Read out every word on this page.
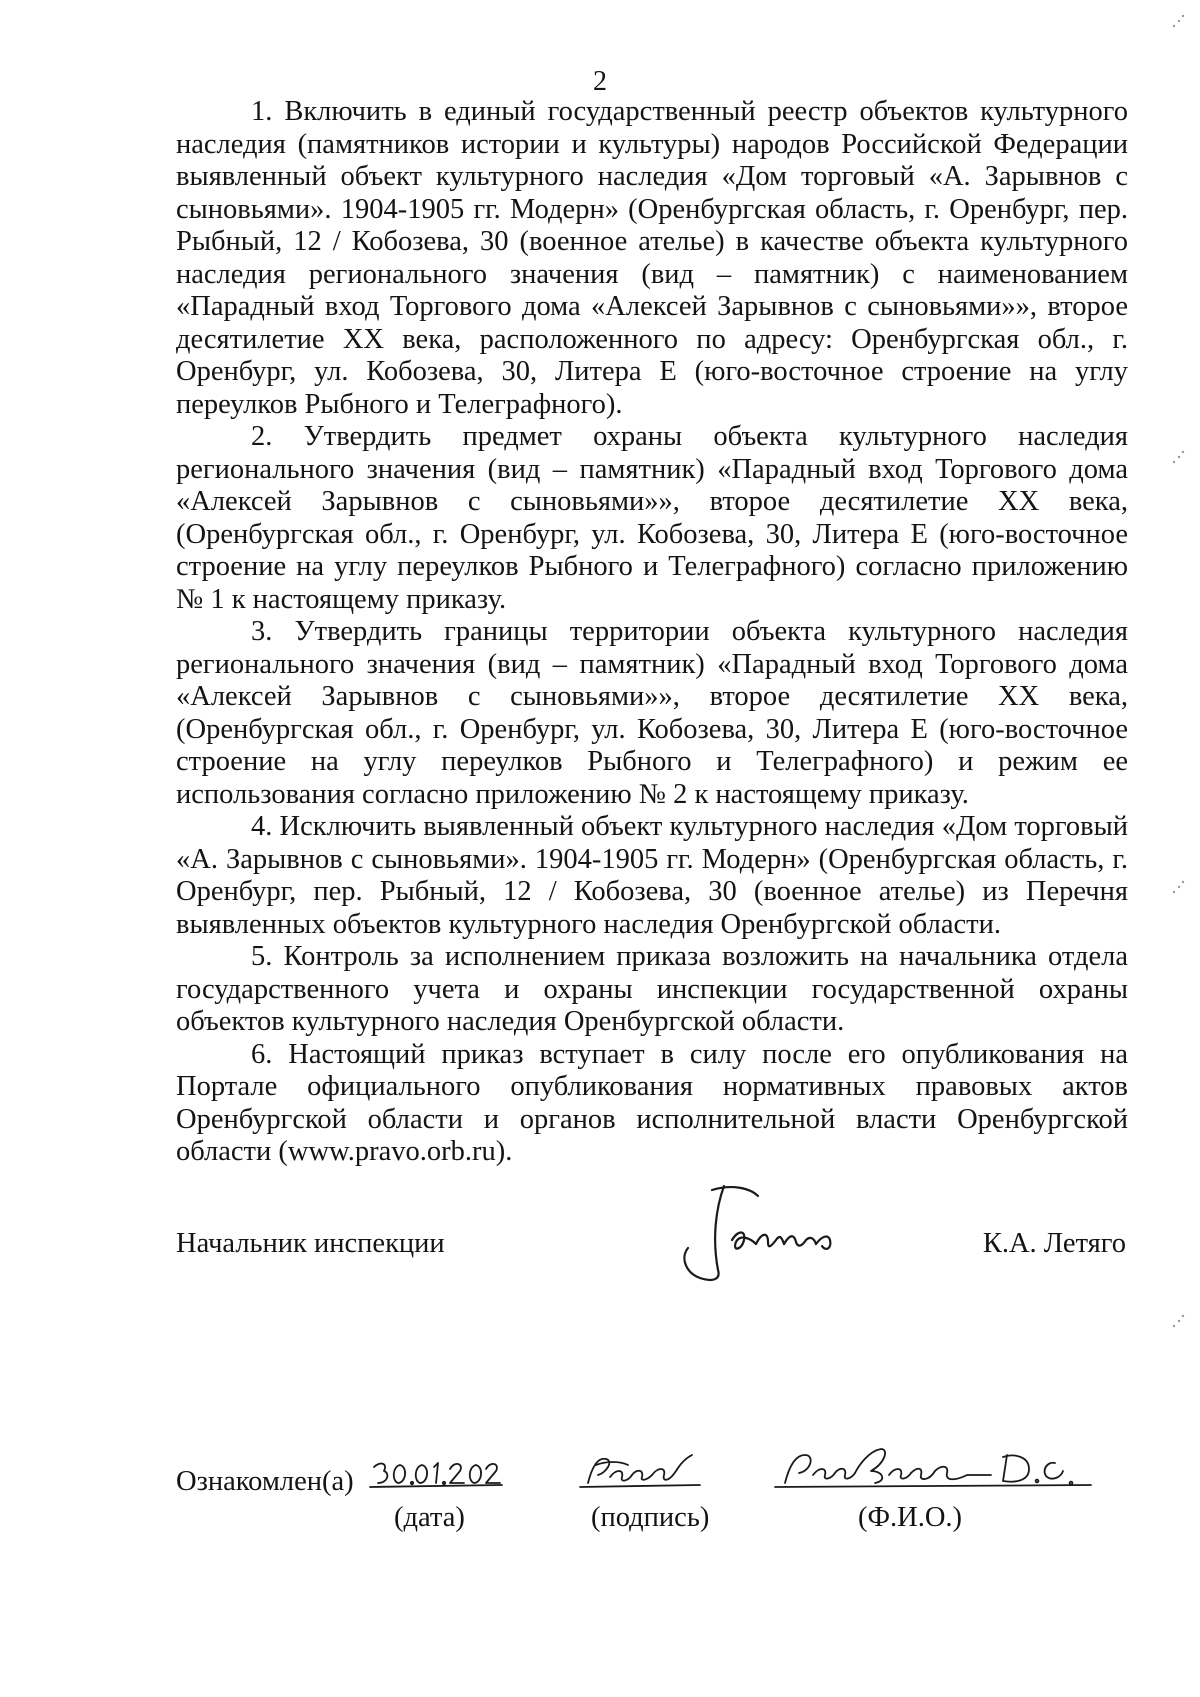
2

1. Включить в единый государственный реестр объектов культурного наследия (памятников истории и культуры) народов Российской Федерации выявленный объект культурного наследия «Дом торговый «А. Зарывнов с сыновьями». 1904-1905 гг. Модерн» (Оренбургская область, г. Оренбург, пер. Рыбный, 12 / Кобозева, 30 (военное ателье) в качестве объекта культурного наследия регионального значения (вид – памятник) с наименованием «Парадный вход Торгового дома «Алексей Зарывнов с сыновьями»», второе десятилетие XX века, расположенного по адресу: Оренбургская обл., г. Оренбург, ул. Кобозева, 30, Литера Е (юго-восточное строение на углу переулков Рыбного и Телеграфного).

2. Утвердить предмет охраны объекта культурного наследия регионального значения (вид – памятник) «Парадный вход Торгового дома «Алексей Зарывнов с сыновьями»», второе десятилетие XX века, (Оренбургская обл., г. Оренбург, ул. Кобозева, 30, Литера Е (юго-восточное строение на углу переулков Рыбного и Телеграфного) согласно приложению № 1 к настоящему приказу.

3. Утвердить границы территории объекта культурного наследия регионального значения (вид – памятник) «Парадный вход Торгового дома «Алексей Зарывнов с сыновьями»», второе десятилетие XX века, (Оренбургская обл., г. Оренбург, ул. Кобозева, 30, Литера Е (юго-восточное строение на углу переулков Рыбного и Телеграфного) и режим ее использования согласно приложению № 2 к настоящему приказу.

4. Исключить выявленный объект культурного наследия «Дом торговый «А. Зарывнов с сыновьями». 1904-1905 гг. Модерн» (Оренбургская область, г. Оренбург, пер. Рыбный, 12 / Кобозева, 30 (военное ателье) из Перечня выявленных объектов культурного наследия Оренбургской области.

5. Контроль за исполнением приказа возложить на начальника отдела государственного учета и охраны инспекции государственной охраны объектов культурного наследия Оренбургской области.

6. Настоящий приказ вступает в силу после его опубликования на Портале официального опубликования нормативных правовых актов Оренбургской области и органов исполнительной власти Оренбургской области (www.pravo.orb.ru).

Начальник инспекции	К.А. Летяго
Ознакомлен(а)
(дата)	(подпись)	(Ф.И.О.)
